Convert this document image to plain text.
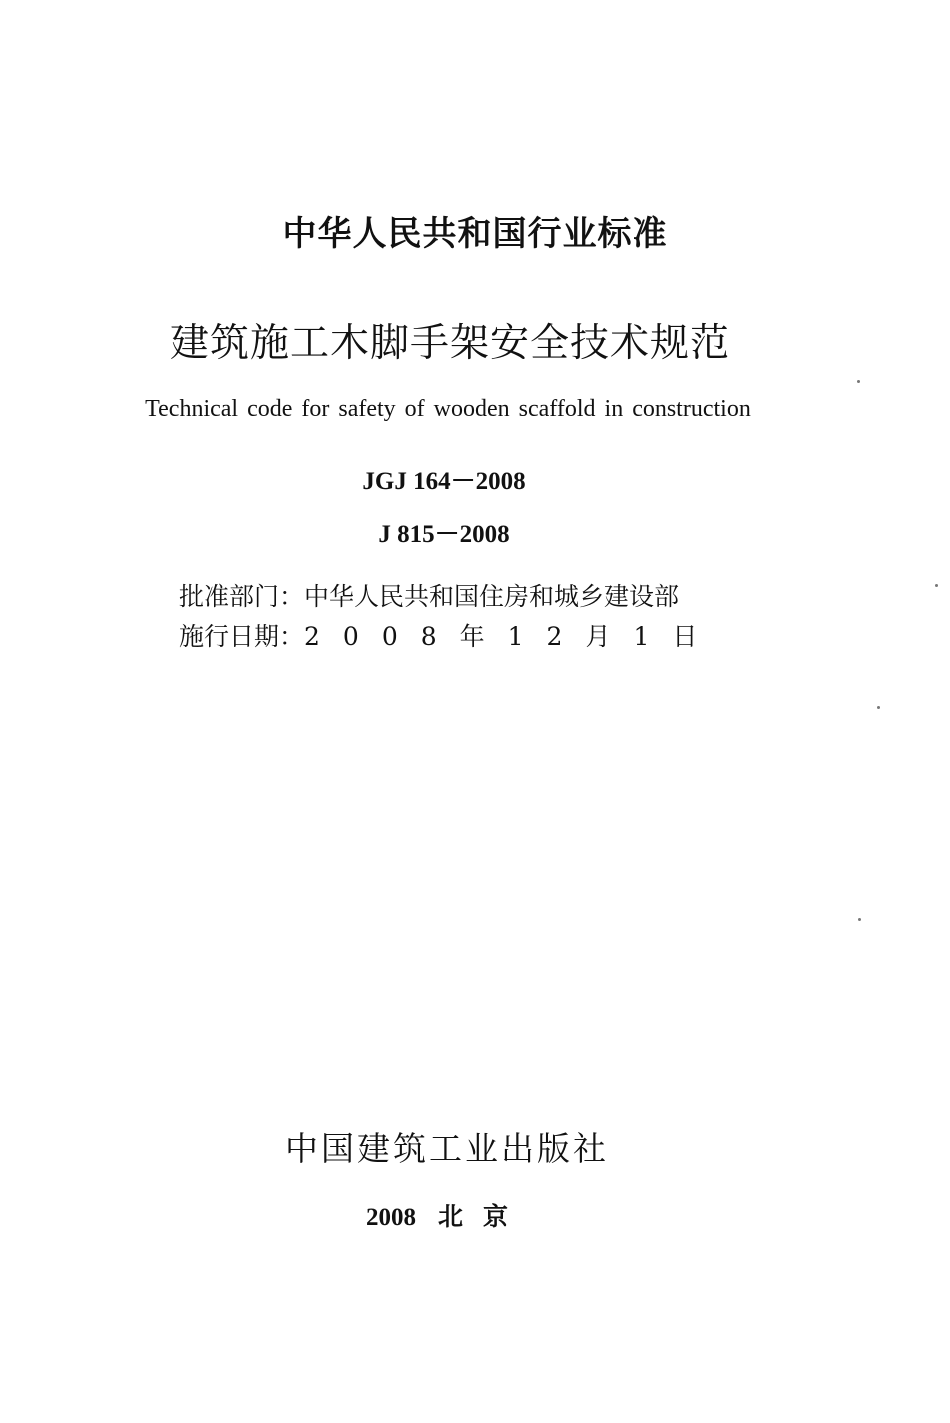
中华人民共和国行业标准
建筑施工木脚手架安全技术规范
Technical code for safety of wooden scaffold in construction
JGJ 164－2008
J 815－2008
批准部门：中华人民共和国住房和城乡建设部
施行日期：2008年12月1日
中国建筑工业出版社
2008 北京
